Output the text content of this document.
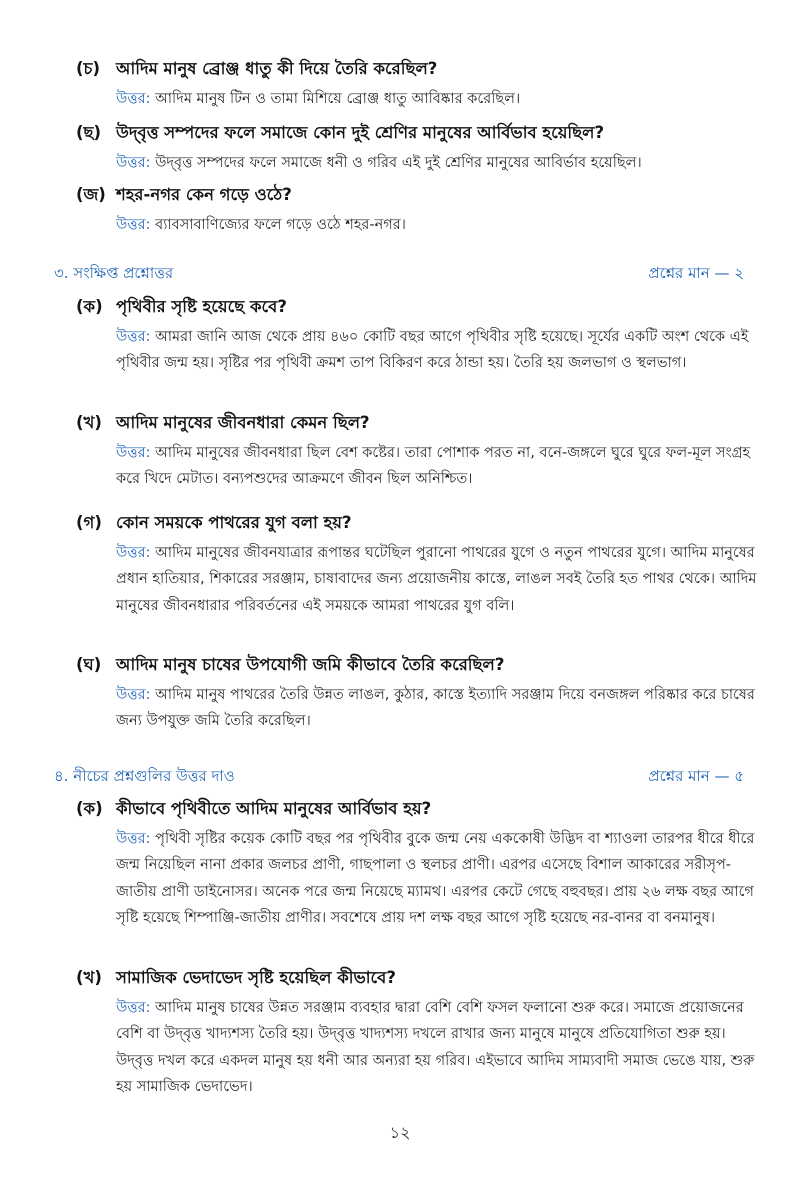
(চ) আদিম মানুষ ব্রোঞ্জ ধাতু কী দিয়ে তৈরি করেছিল?
উত্তর: আদিম মানুষ টিন ও তামা মিশিয়ে ব্রোঞ্জ ধাতু আবিষ্কার করেছিল।
(ছ) উদ্‌বৃত্ত সম্পদের ফলে সমাজে কোন দুই শ্রেণির মানুষের আর্বিভাব হয়েছিল?
উত্তর: উদ্‌বৃত্ত সম্পদের ফলে সমাজে ধনী ও গরিব এই দুই শ্রেণির মানুষের আবির্ভাব হয়েছিল।
(জ) শহর-নগর কেন গড়ে ওঠে?
উত্তর: ব্যাবসাবাণিজ্যের ফলে গড়ে ওঠে শহর-নগর।
৩. সংক্ষিপ্ত প্রশ্নোত্তর	প্রশ্নের মান — ২
(ক) পৃথিবীর সৃষ্টি হয়েছে কবে?
উত্তর: আমরা জানি আজ থেকে প্রায় ৪৬০ কোটি বছর আগে পৃথিবীর সৃষ্টি হয়েছে। সূর্যের একটি অংশ থেকে এই পৃথিবীর জন্ম হয়। সৃষ্টির পর পৃথিবী ক্রমশ তাপ বিকিরণ করে ঠান্ডা হয়। তৈরি হয় জলভাগ ও স্থলভাগ।
(খ) আদিম মানুষের জীবনধারা কেমন ছিল?
উত্তর: আদিম মানুষের জীবনধারা ছিল বেশ কষ্টের। তারা পোশাক পরত না, বনে-জঙ্গলে ঘুরে ঘুরে ফল-মূল সংগ্রহ করে খিদে মেটাত। বন্যপশুদের আক্রমণে জীবন ছিল অনিশ্চিত।
(গ) কোন সময়কে পাথরের যুগ বলা হয়?
উত্তর: আদিম মানুষের জীবনযাত্রার রূপান্তর ঘটেছিল পুরানো পাথরের যুগে ও নতুন পাথরের যুগে। আদিম মানুষের প্রধান হাতিয়ার, শিকারের সরঞ্জাম, চাষাবাদের জন্য প্রয়োজনীয় কাস্তে, লাঙল সবই তৈরি হত পাথর থেকে। আদিম মানুষের জীবনধারার পরিবর্তনের এই সময়কে আমরা পাথরের যুগ বলি।
(ঘ) আদিম মানুষ চাষের উপযোগী জমি কীভাবে তৈরি করেছিল?
উত্তর: আদিম মানুষ পাথরের তৈরি উন্নত লাঙল, কুঠার, কাস্তে ইত্যাদি সরঞ্জাম দিয়ে বনজঙ্গল পরিষ্কার করে চাষের জন্য উপযুক্ত জমি তৈরি করেছিল।
৪. নীচের প্রশ্নগুলির উত্তর দাও	প্রশ্নের মান — ৫
(ক) কীভাবে পৃথিবীতে আদিম মানুষের আর্বিভাব হয়?
উত্তর: পৃথিবী সৃষ্টির কয়েক কোটি বছর পর পৃথিবীর বুকে জন্ম নেয় এককোষী উদ্ভিদ বা শ্যাওলা তারপর ধীরে ধীরে জন্ম নিয়েছিল নানা প্রকার জলচর প্রাণী, গাছপালা ও স্থলচর প্রাণী। এরপর এসেছে বিশাল আকারের সরীসৃপ-জাতীয় প্রাণী ডাইনোসর। অনেক পরে জন্ম নিয়েছে ম্যামথ। এরপর কেটে গেছে বহুবছর। প্রায় ২৬ লক্ষ বছর আগে সৃষ্টি হয়েছে শিম্পাঞ্জি-জাতীয় প্রাণীর। সবশেষে প্রায় দশ লক্ষ বছর আগে সৃষ্টি হয়েছে নর-বানর বা বনমানুষ।
(খ) সামাজিক ভেদাভেদ সৃষ্টি হয়েছিল কীভাবে?
উত্তর: আদিম মানুষ চাষের উন্নত সরঞ্জাম ব্যবহার দ্বারা বেশি বেশি ফসল ফলানো শুরু করে। সমাজে প্রয়োজনের বেশি বা উদ্‌বৃত্ত খাদ্যশস্য তৈরি হয়। উদ্‌বৃত্ত খাদ্যশস্য দখলে রাখার জন্য মানুষে মানুষে প্রতিযোগিতা শুরু হয়। উদ্‌বৃত্ত দখল করে একদল মানুষ হয় ধনী আর অন্যরা হয় গরিব। এইভাবে আদিম সাম্যবাদী সমাজ ভেঙে যায়, শুরু হয় সামাজিক ভেদাভেদ।
১২
